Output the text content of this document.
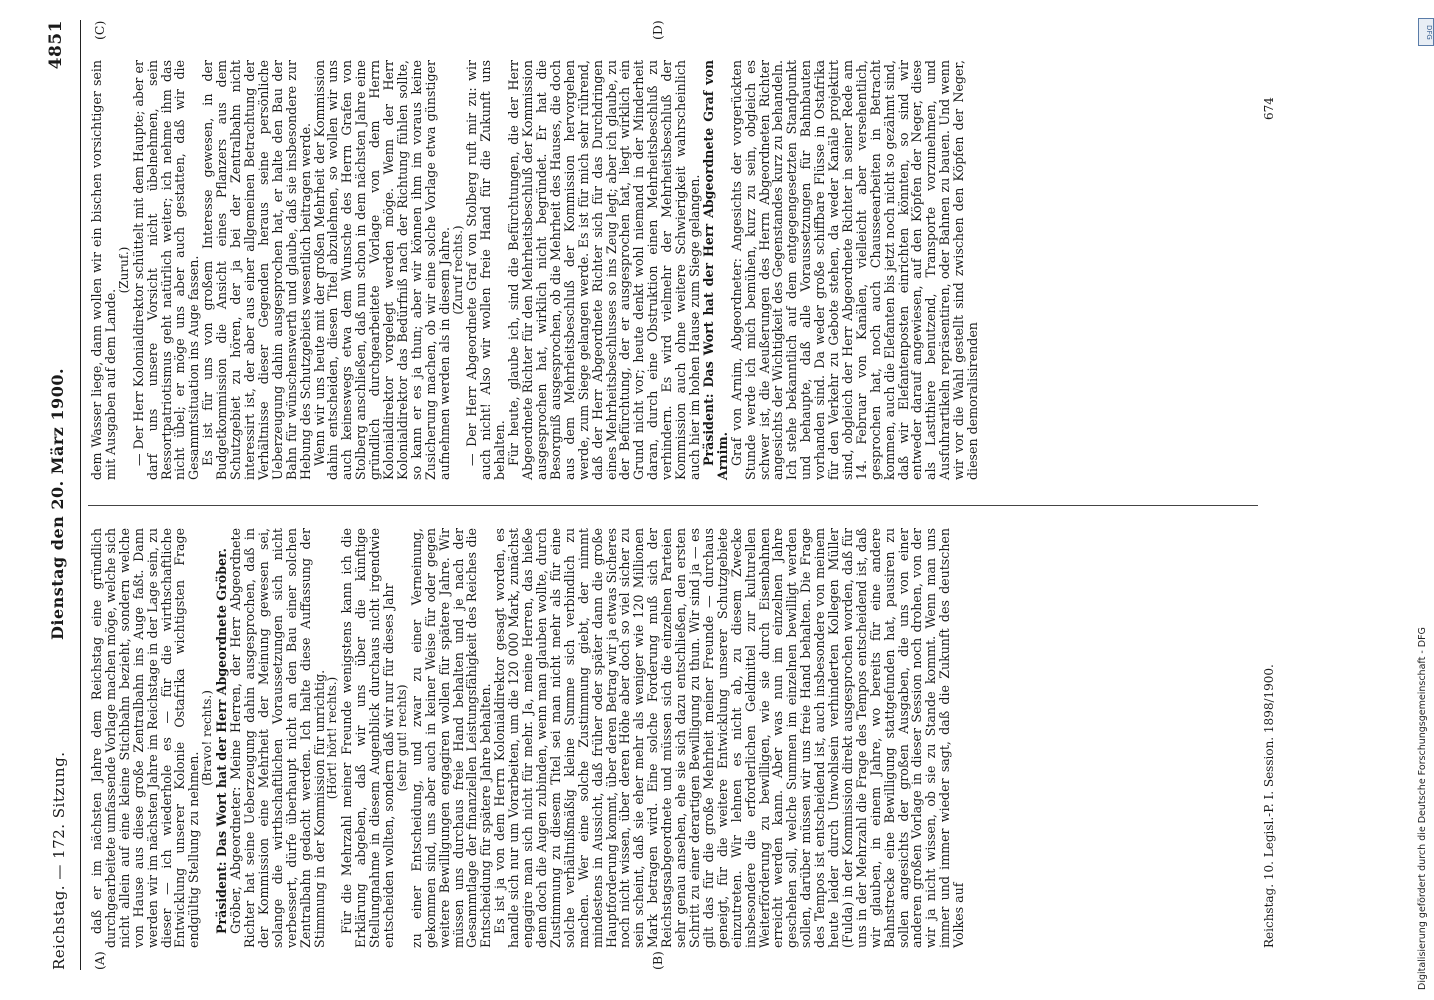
Reichstag. — 172. Sitzung.
Dienstag den 20. März 1900.
4851
(A)	(B)
(C)	(D)

daß er im nächsten Jahre dem Reichstag eine gründlich durchgearbeitete umfassende Vorlage machen möge, welche sich nicht allein auf eine kleine Stichbahn bezieht, sondern welche von Hause aus diese große Zentralbahn ins Auge faßt. Dann werden wir im nächsten Jahre im Reichstage in der Lage sein, zu dieser — ich wiederhole es — für die wirthschaftliche Entwicklung unserer Kolonie Ostafrika wichtigsten Frage endgültig Stellung zu nehmen.

(Bravo! rechts.) Präsident: Das Wort hat der Herr Abgeordnete Gröber.

Gröber, Abgeordneter: Meine Herren, der Herr Abgeordnete Richter hat seine Ueberzeugung dahin ausgesprochen, daß in der Kommission eine Mehrheit der Meinung gewesen sei, solange die wirthschaftlichen Voraussetzungen sich nicht verbessert, dürfe überhaupt nicht an den Bau einer solchen Zentralbahn gedacht werden. Ich halte diese Auffassung der Stimmung in der Kommission für unrichtig.

(Hört! hört! rechts.) Für die Mehrzahl meiner Freunde wenigstens kann ich die Erklärung abgeben, daß wir uns über die künftige Stellungnahme in diesem Augenblick durchaus nicht irgendwie entscheiden wollten, sondern daß wir nur für dieses Jahr

(sehr gut! rechts) zu einer Entscheidung, und zwar zu einer Verneinung, gekommen sind, uns aber auch in keiner Weise für oder gegen weitere Bewilligungen engagiren wollen für spätere Jahre. Wir müssen uns durchaus freie Hand behalten und je nach der Gesammtlage der finanziellen Leistungsfähigkeit des Reiches die Entscheidung für spätere Jahre behalten.

Es ist ja von dem Herrn Kolonialdirektor gesagt worden, es handle sich nur um Vorarbeiten, um die 120 000 Mark, zunächst engagire man sich nicht für mehr. Ja, meine Herren, das hieße denn doch die Augen zubinden, wenn man glauben wollte, durch Zustimmung zu diesem Titel sei man nicht mehr als für eine solche verhältnißmäßig kleine Summe sich verbindlich zu machen. Wer eine solche Zustimmung giebt, der nimmt mindestens in Aussicht, daß früher oder später dann die große Hauptforderung kommt, über deren Betrag wir ja etwas Sicheres noch nicht wissen, über deren Höhe aber doch so viel sicher zu sein scheint, daß sie eher mehr als weniger wie 120 Millionen Mark betragen wird. Eine solche Forderung muß sich der Reichstagsabgeordnete und müssen sich die einzelnen Parteien sehr genau ansehen, ehe sie sich dazu entschließen, den ersten Schritt zu einer derartigen Bewilligung zu thun. Wir sind ja — es gilt das für die große Mehrheit meiner Freunde — durchaus geneigt, für die weitere Entwicklung unserer Schutzgebiete einzutreten. Wir lehnen es nicht ab, zu diesem Zwecke insbesondere die erforderlichen Geldmittel zur kulturellen Weiterförderung zu bewilligen, wie sie durch Eisenbahnen erreicht werden kann. Aber was nun im einzelnen Jahre geschehen soll, welche Summen im einzelnen bewilligt werden sollen, darüber müssen wir uns freie Hand behalten. Die Frage des Tempos ist entscheidend ist, auch insbesondere von meinem heute leider durch Unwohlsein verhinderten Kollegen Müller (Fulda) in der Kommission direkt ausgesprochen worden, daß für uns in der Mehrzahl die Frage des Tempos entscheidend ist, daß wir glauben, in einem Jahre, wo bereits für eine andere Bahnstrecke eine Bewilligung stattgefunden hat, pausiren zu sollen angesichts der großen Ausgaben, die uns von einer anderen großen Vorlage in dieser Session noch drohen, von der wir ja nicht wissen, ob sie zu Stande kommt. Wenn man uns immer und immer wieder sagt, daß die Zukunft des deutschen Volkes auf

dem Wasser liege, dann wollen wir ein bischen vorsichtiger sein mit Ausgaben auf dem Lande.

(Zuruf.) — Der Herr Kolonialdirektor schüttelt mit dem Haupte; aber er darf uns unsere Vorsicht nicht übelnehmen, sein Ressortpatriotismus geht natürlich weiter; ich nehme ihm das nicht übel; er möge uns aber auch gestatten, daß wir die Gesammtsituation ins Auge fassen.

Es ist für uns von großem Interesse gewesen, in der Budgetkommission die Ansicht eines Pflanzers aus dem Schutzgebiet zu hören, der ja bei der Zentralbahn nicht interessirt ist, der aber aus einer allgemeinen Betrachtung der Verhältnisse dieser Gegenden heraus seine persönliche Ueberzeugung dahin ausgesprochen hat, er halte den Bau der Bahn für wünschenswerth und glaube, daß sie insbesondere zur Hebung des Schutzgebiets wesentlich beitragen werde.

Wenn wir uns heute mit der großen Mehrheit der Kommission dahin entscheiden, diesen Titel abzulehnen, so wollen wir uns auch keineswegs etwa dem Wunsche des Herrn Grafen von Stolberg anschließen, daß nun schon in dem nächsten Jahre eine gründlich durchgearbeitete Vorlage von dem Herrn Kolonialdirektor vorgelegt werden möge. Wenn der Herr Kolonialdirektor das Bedürfniß nach der Richtung fühlen sollte, so kann er es ja thun; aber wir können ihm im voraus keine Zusicherung machen, ob wir eine solche Vorlage etwa günstiger aufnehmen werden als in diesem Jahre.

(Zuruf rechts.) — Der Herr Abgeordnete Graf von Stolberg ruft mir zu: wir auch nicht! Also wir wollen freie Hand für die Zukunft uns behalten.

Für heute, glaube ich, sind die Befürchtungen, die der Herr Abgeordnete Richter für den Mehrheitsbeschluß der Kommission ausgesprochen hat, wirklich nicht begründet. Er hat die Besorgniß ausgesprochen, ob die Mehrheit des Hauses, die doch aus dem Mehrheitsbeschluß der Kommission hervorgehen werde, zum Siege gelangen werde. Es ist für mich sehr rührend, daß der Herr Abgeordnete Richter sich für das Durchdringen eines Mehrheitsbeschlusses so ins Zeug legt; aber ich glaube, zu der Befürchtung, der er ausgesprochen hat, liegt wirklich ein Grund nicht vor; heute denkt wohl niemand in der Minderheit daran, durch eine Obstruktion einen Mehrheitsbeschluß zu verhindern. Es wird vielmehr der Mehrheitsbeschluß der Kommission auch ohne weitere Schwierigkeit wahrscheinlich auch hier im hohen Hause zum Siege gelangen.

Präsident: Das Wort hat der Herr Abgeordnete Graf von Arnim.

Graf von Arnim, Abgeordneter: Angesichts der vorgerückten Stunde werde ich mich bemühen, kurz zu sein, obgleich es schwer ist, die Aeußerungen des Herrn Abgeordneten Richter angesichts der Wichtigkeit des Gegenstandes kurz zu behandeln. Ich stehe bekanntlich auf dem entgegengesetzten Standpunkt und behaupte, daß alle Voraussetzungen für Bahnbauten vorhanden sind. Da weder große schiffbare Flüsse in Ostafrika für den Verkehr zu Gebote stehen, da weder Kanäle projektirt sind, obgleich der Herr Abgeordnete Richter in seiner Rede am 14. Februar von Kanälen, vielleicht aber versehentlich, gesprochen hat, noch auch Chausseearbeiten in Betracht kommen, auch die Elefanten bis jetzt noch nicht so gezähmt sind, daß wir Elefantenposten einrichten könnten, so sind wir entweder darauf angewiesen, auf den Köpfen der Neger, diese als Lastthiere benutzend, Transporte vorzunehmen, und Ausfuhrartikeln repräsentiren, oder Bahnen zu bauen. Und wenn wir vor die Wahl gestellt sind zwischen den Köpfen der Neger, diesen demoralisirenden

Reichstag. 10. Legisl.-P. I. Session. 1898/1900.
674
DFG
Digitalisierung gefördert durch die Deutsche Forschungsgemeinschaft - DFG
